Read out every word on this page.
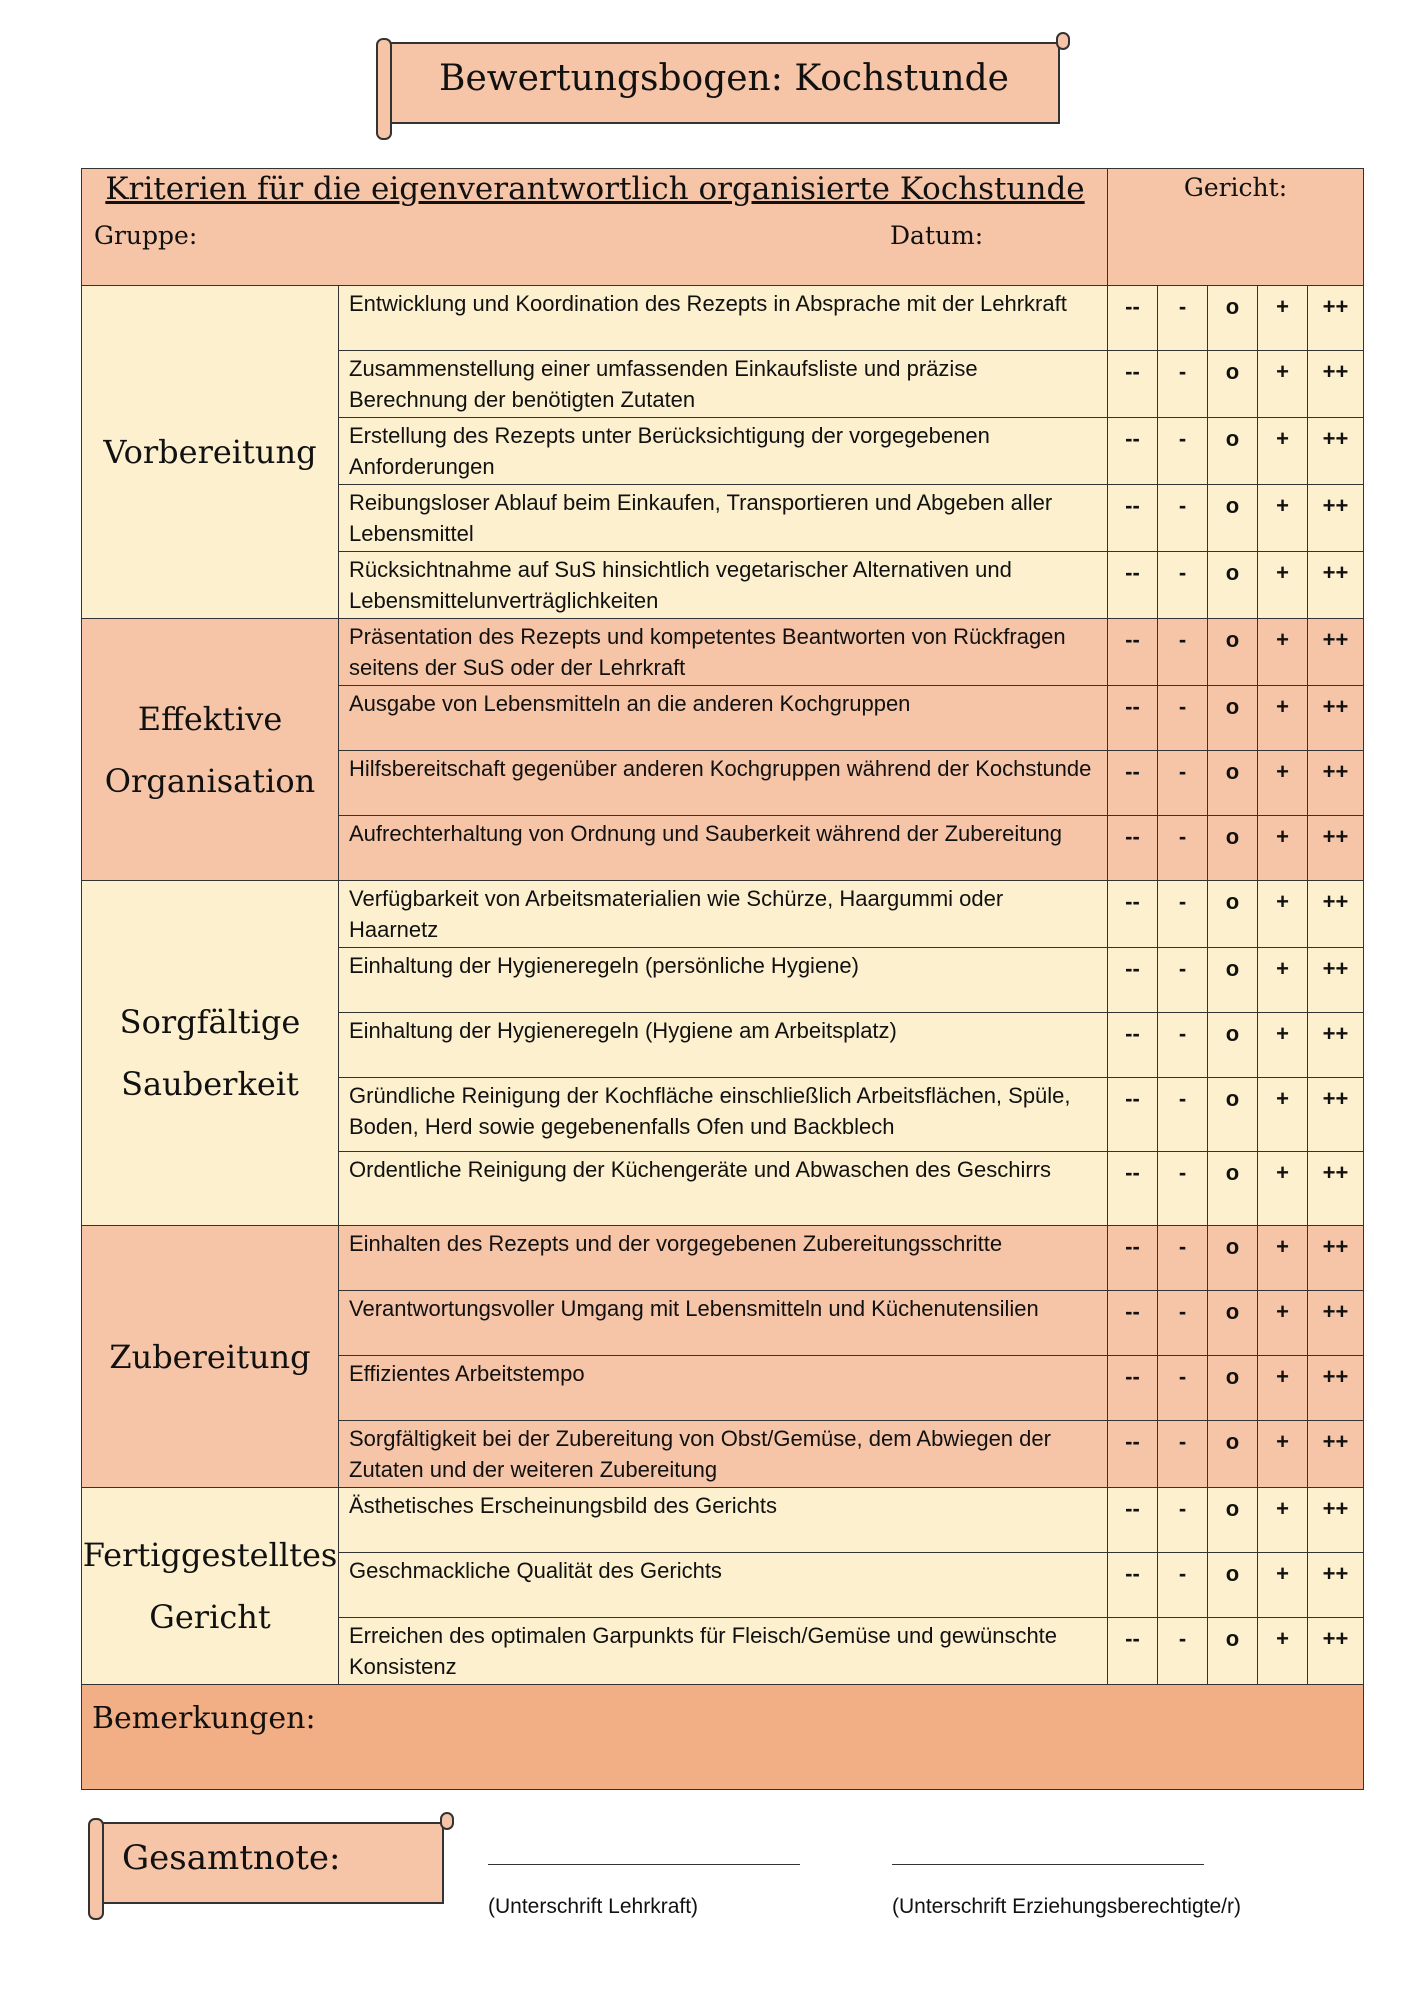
Bewertungsbogen: Kochstunde
Kriterien für die eigenverantwortlich organisierte Kochstunde
Gruppe: Datum:		Gericht:				
Vorbereitung	Entwicklung und Koordination des Rezepts in Absprache mit der Lehrkraft	--	-	o	+	++
	Zusammenstellung einer umfassenden Einkaufsliste und präzise Berechnung der benötigten Zutaten	--	-	o	+	++
	Erstellung des Rezepts unter Berücksichtigung der vorgegebenen Anforderungen	--	-	o	+	++
	Reibungsloser Ablauf beim Einkaufen, Transportieren und Abgeben aller Lebensmittel	--	-	o	+	++
	Rücksichtnahme auf SuS hinsichtlich vegetarischer Alternativen und Lebensmittelunverträglichkeiten	--	-	o	+	++
Effektive Organisation	Präsentation des Rezepts und kompetentes Beantworten von Rückfragen seitens der SuS oder der Lehrkraft	--	-	o	+	++
	Ausgabe von Lebensmitteln an die anderen Kochgruppen	--	-	o	+	++
	Hilfsbereitschaft gegenüber anderen Kochgruppen während der Kochstunde	--	-	o	+	++
	Aufrechterhaltung von Ordnung und Sauberkeit während der Zubereitung	--	-	o	+	++
Sorgfältige Sauberkeit	Verfügbarkeit von Arbeitsmaterialien wie Schürze, Haargummi oder Haarnetz	--	-	o	+	++
	Einhaltung der Hygieneregeln (persönliche Hygiene)	--	-	o	+	++
	Einhaltung der Hygieneregeln (Hygiene am Arbeitsplatz)	--	-	o	+	++
	Gründliche Reinigung der Kochfläche einschließlich Arbeitsflächen, Spüle, Boden, Herd sowie gegebenenfalls Ofen und Backblech	--	-	o	+	++
	Ordentliche Reinigung der Küchengeräte und Abwaschen des Geschirrs	--	-	o	+	++
Zubereitung	Einhalten des Rezepts und der vorgegebenen Zubereitungsschritte	--	-	o	+	++
	Verantwortungsvoller Umgang mit Lebensmitteln und Küchenutensilien	--	-	o	+	++
	Effizientes Arbeitstempo	--	-	o	+	++
	Sorgfältigkeit bei der Zubereitung von Obst/Gemüse, dem Abwiegen der Zutaten und der weiteren Zubereitung	--	-	o	+	++
Fertiggestelltes Gericht	Ästhetisches Erscheinungsbild des Gerichts	--	-	o	+	++
	Geschmackliche Qualität des Gerichts	--	-	o	+	++
	Erreichen des optimalen Garpunkts für Fleisch/Gemüse und gewünschte Konsistenz	--	-	o	+	++

Bemerkungen:						
Gesamtnote:
(Unterschrift Lehrkraft)	(Unterschrift Erziehungsberechtigte/r)
